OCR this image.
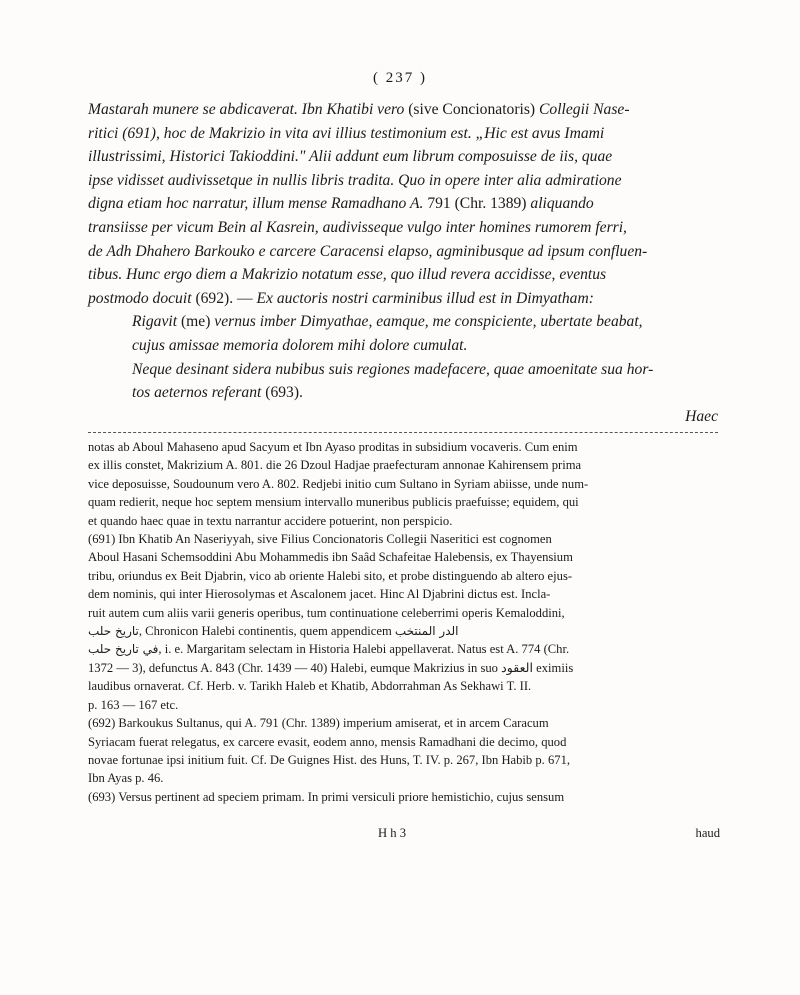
( 237 )
Mastarah munere se abdicaverat. Ibn Khatibi vero (sive Concionatoris) Collegii Nase-
ritici (691), hoc de Makrizio in vita avi illius testimonium est. „Hic est avus Imami
illustrissimi, Historici Takioddini." Alii addunt eum librum composuisse de iis, quae
ipse vidisset audivissetque in nullis libris tradita. Quo in opere inter alia admiratione
digna etiam hoc narratur, illum mense Ramadhano A. 791 (Chr. 1389) aliquando
transiisse per vicum Bein al Kasrein, audivisseque vulgo inter homines rumorem ferri,
de Adh Dhahero Barkouko e carcere Caracensi elapso, agminibusque ad ipsum confluen-
tibus. Hunc ergo diem a Makrizio notatum esse, quo illud revera accidisse, eventus
postmodo docuit (692). — Ex auctoris nostri carminibus illud est in Dimyatham:
Rigavit (me) vernus imber Dimyathae, eamque, me conspiciente, ubertate beabat,
cujus amissae memoria dolorem mihi dolore cumulat.
Neque desinant sidera nubibus suis regiones madefacere, quae amoenitate sua hor-
tos aeternos referant (693).
Haec
notas ab Aboul Mahaseno apud Sacyum et Ibn Ayaso proditas in subsidium vocaveris. Cum enim
ex illis constet, Makrizium A. 801. die 26 Dzoul Hadjae praefecturam annonae Kahirensem prima
vice deposuisse, Soudounum vero A. 802. Redjebi initio cum Sultano in Syriam abiisse, unde num-
quam redierit, neque hoc septem mensium intervallo muneribus publicis praefuisse; equidem, qui
et quando haec quae in textu narrantur accidere potuerint, non perspicio.
(691) Ibn Khatib An Naseriyyah, sive Filius Concionatoris Collegii Naseritici est cognomen
Aboul Hasani Schemsoddini Abu Mohammedis ibn Saâd Schafeitae Halebensis, ex Thayensium
tribu, oriundus ex Beit Djabrin, vico ab oriente Halebi sito, et probe distinguendo ab altero ejus-
dem nominis, qui inter Hierosolymas et Ascalonem jacet. Hinc Al Djabrini dictus est. Incla-
ruit autem cum aliis varii generis operibus, tum continuatione celeberrimi operis Kemaloddini,
تاريخ حلب, Chronicon Halebi continentis, quem appendicem الدر المنتخب
في تاريخ حلب, i. e. Margaritam selectam in Historia Halebi appellaverat. Natus est A. 774 (Chr.
1372 — 3), defunctus A. 843 (Chr. 1439 — 40) Halebi, eumque Makrizius in suo العقود eximiis
laudibus ornaverat. Cf. Herb. v. Tarikh Haleb et Khatib, Abdorrahman As Sekhawi T. II.
p. 163 — 167 etc.
(692) Barkoukus Sultanus, qui A. 791 (Chr. 1389) imperium amiserat, et in arcem Caracum
Syriacam fuerat relegatus, ex carcere evasit, eodem anno, mensis Ramadhani die decimo, quod
novae fortunae ipsi initium fuit. Cf. De Guignes Hist. des Huns, T. IV. p. 267, Ibn Habib p. 671,
Ibn Ayas p. 46.
(693) Versus pertinent ad speciem primam. In primi versiculi priore hemistichio, cujus sensum
H h 3	haud
